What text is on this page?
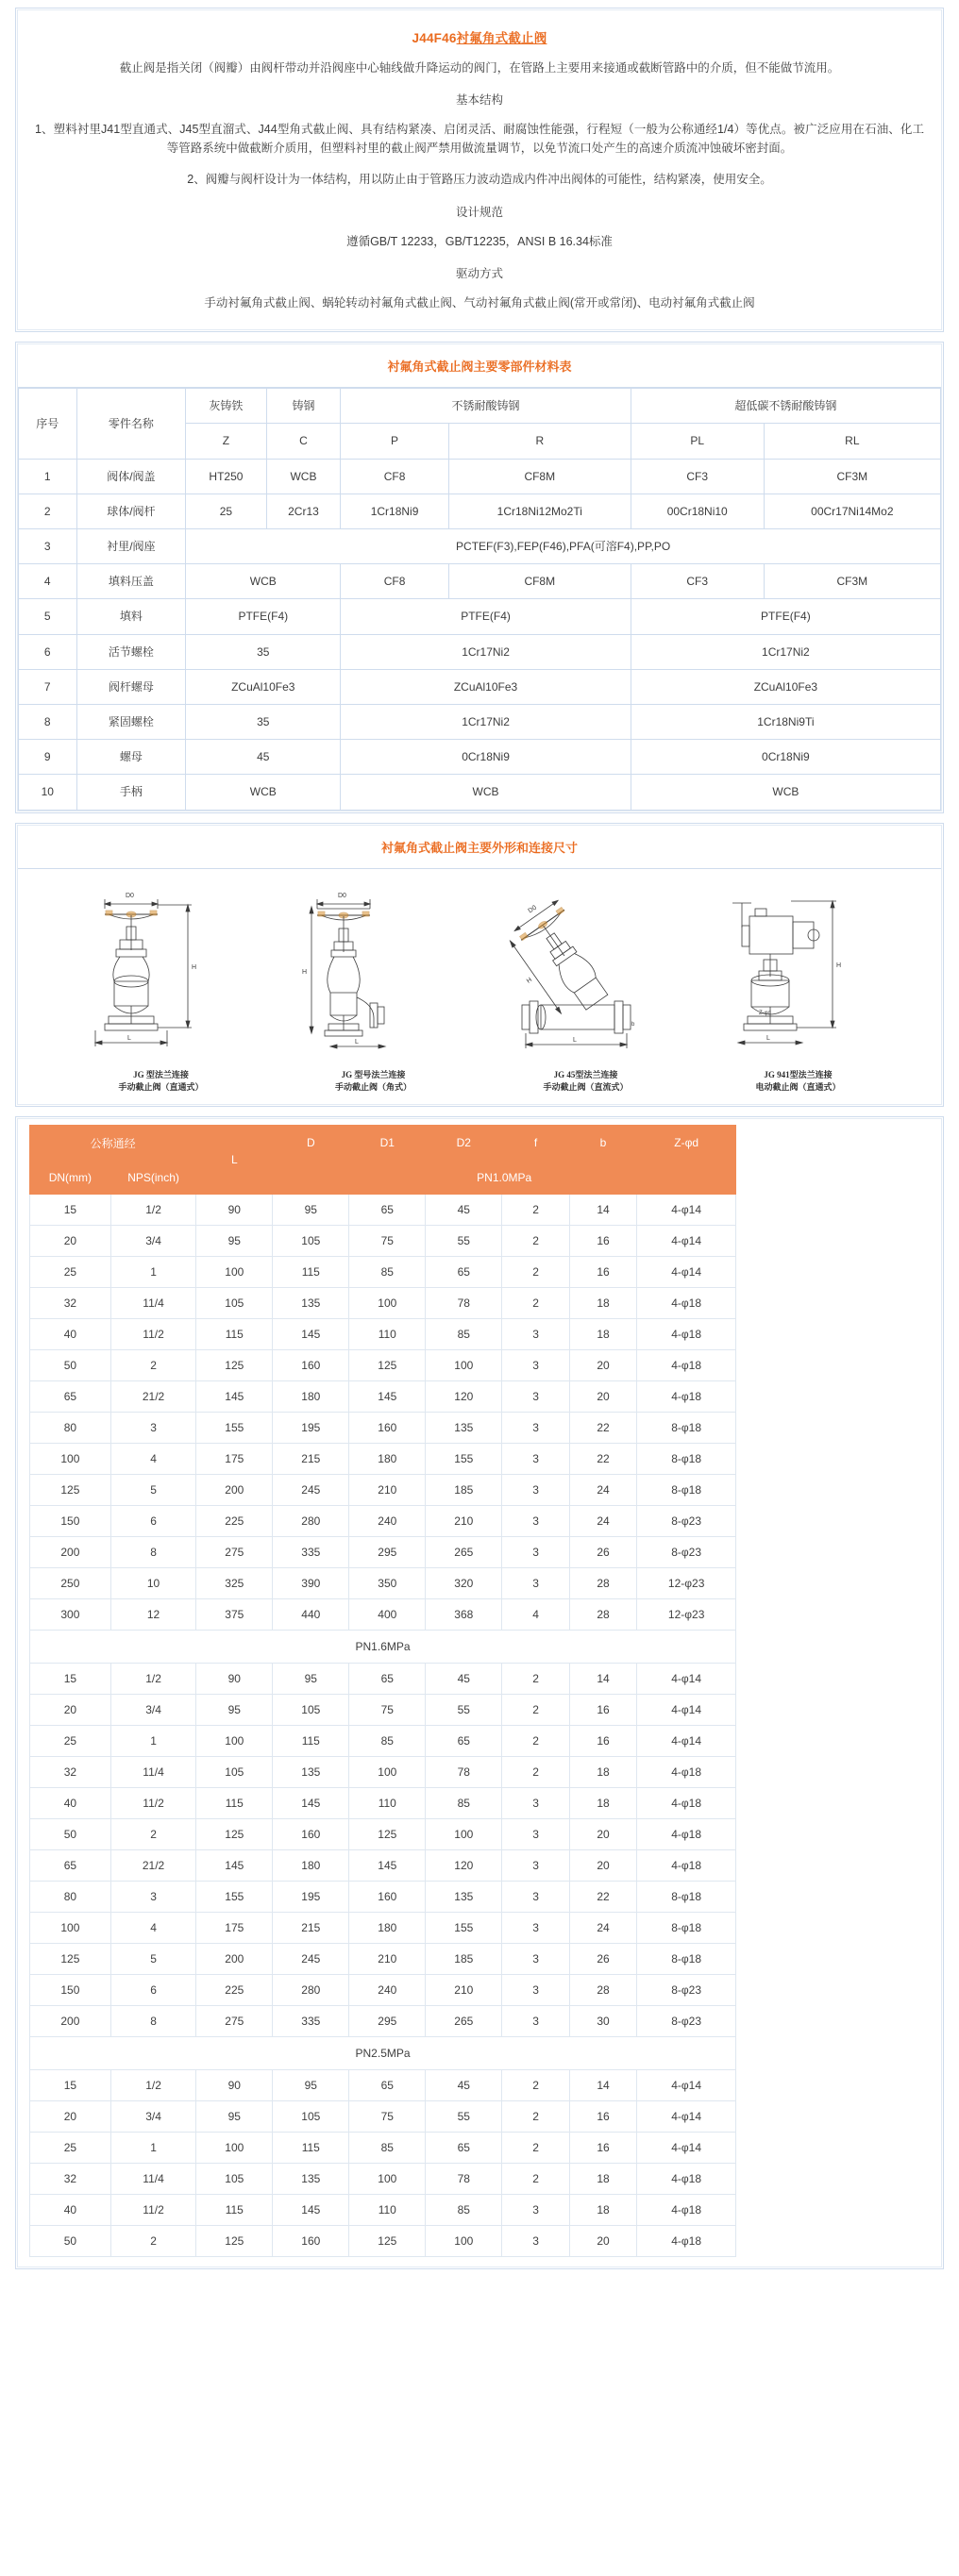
J44F46衬氟角式截止阀

截止阀是指关闭（阀瓣）由阀杆带动并沿阀座中心轴线做升降运动的阀门，在管路上主要用来接通或截断管路中的介质，但不能做节流用。

基本结构

1、塑料衬里J41型直通式、J45型直溜式、J44型角式截止阀、具有结构紧凑、启闭灵活、耐腐蚀性能强，行程短（一般为公称通经1/4）等优点。被广泛应用在石油、化工等管路系统中做截断介质用，但塑料衬里的截止阀严禁用做流量调节，以免节流口处产生的高速介质流冲蚀破坏密封面。

2、阀瓣与阀杆设计为一体结构，用以防止由于管路压力波动造成内件冲出阀体的可能性，结构紧凑，使用安全。

设计规范

遵循GB/T 12233，GB/T12235，ANSI B 16.34标准

驱动方式

手动衬氟角式截止阀、蜗轮转动衬氟角式截止阀、气动衬氟角式截止阀(常开或常闭)、电动衬氟角式截止阀

衬氟角式截止阀主要零部件材料表
序号	零件名称	灰铸铁	铸钢	不锈耐酸铸钢		超低碳不锈耐酸铸钢	
		Z	C	P	R	PL	RL
1	阀体/阀盖	HT250	WCB	CF8	CF8M	CF3	CF3M
2	球体/阀杆	25	2Cr13	1Cr18Ni9	1Cr18Ni12Mo2Ti	00Cr18Ni10	00Cr17Ni14Mo2
3	衬里/阀座	PCTEF(F3),FEP(F46),PFA(可溶F4),PP,PO					
4	填料压盖	WCB		CF8	CF8M	CF3	CF3M
5	填料	PTFE(F4)		PTFE(F4)		PTFE(F4)	
6	活节螺栓	35		1Cr17Ni2		1Cr17Ni2	
7	阀杆螺母	ZCuAl10Fe3		ZCuAl10Fe3		ZCuAl10Fe3	
8	紧固螺栓	35		1Cr17Ni2		1Cr18Ni9Ti	
9	螺母	45		0Cr18Ni9		0Cr18Ni9	
10	手柄	WCB		WCB		WCB	
衬氟角式截止阀主要外形和连接尺寸
D0
H
L
JG 型法兰连接
手动截止阀（直通式）
D0
H
L
JG 型号法兰连接
手动截止阀（角式）
D0
H
L
b
JG 45型法兰连接
手动截止阀（直流式）
Z-φd
H
L
JG 941型法兰连接
电动截止阀（直通式）
公称通经		L	D	D1	D2	f	b	Z-φd	
DN(mm)	NPS(inch)		PN1.0MPa						
15	1/2	90	95	65	45	2	14	4-φ14	
20	3/4	95	105	75	55	2	16	4-φ14	
25	1	100	115	85	65	2	16	4-φ14	
32	11/4	105	135	100	78	2	18	4-φ18	
40	11/2	115	145	110	85	3	18	4-φ18	
50	2	125	160	125	100	3	20	4-φ18	
65	21/2	145	180	145	120	3	20	4-φ18	
80	3	155	195	160	135	3	22	8-φ18	
100	4	175	215	180	155	3	22	8-φ18	
125	5	200	245	210	185	3	24	8-φ18	
150	6	225	280	240	210	3	24	8-φ23	
200	8	275	335	295	265	3	26	8-φ23	
250	10	325	390	350	320	3	28	12-φ23	
300	12	375	440	400	368	4	28	12-φ23	
PN1.6MPa									
15	1/2	90	95	65	45	2	14	4-φ14	
20	3/4	95	105	75	55	2	16	4-φ14	
25	1	100	115	85	65	2	16	4-φ14	
32	11/4	105	135	100	78	2	18	4-φ18	
40	11/2	115	145	110	85	3	18	4-φ18	
50	2	125	160	125	100	3	20	4-φ18	
65	21/2	145	180	145	120	3	20	4-φ18	
80	3	155	195	160	135	3	22	8-φ18	
100	4	175	215	180	155	3	24	8-φ18	
125	5	200	245	210	185	3	26	8-φ18	
150	6	225	280	240	210	3	28	8-φ23	
200	8	275	335	295	265	3	30	8-φ23	
PN2.5MPa									
15	1/2	90	95	65	45	2	14	4-φ14	
20	3/4	95	105	75	55	2	16	4-φ14	
25	1	100	115	85	65	2	16	4-φ14	
32	11/4	105	135	100	78	2	18	4-φ18	
40	11/2	115	145	110	85	3	18	4-φ18	
50	2	125	160	125	100	3	20	4-φ18	
